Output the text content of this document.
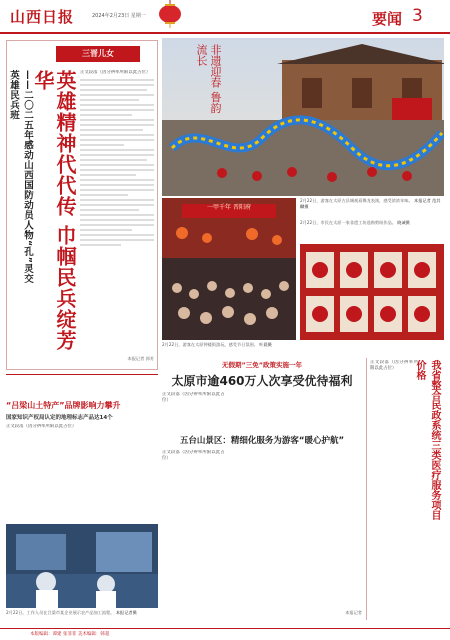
山西日报	2024年2月23日 星期一	要闻 3
三晋儿女
——二〇二五年感动山西国防动员人物“孔”灵交英雄民兵班	英雄精神代代传 巾帼民兵绽芳华	正文段落（因分辨率所限以此占位）
本报记者 郭芳
非遗迎春 鲁韵流长
2月22日，游客在太原古县城观看舞龙表演，感受浓浓年味。 本报记者 范其麟摄
一甲千年 晋阳府
2月22日，市民在太原一家非遗工坊选购剪纸作品。 晓诚摄
2月22日，游客在太原钟楼街游玩，感受节日氛围。 叶晨摄
无假期”三免”政策实施一年
太原市逾460万人次享受优待福利
正文段落（因分辨率所限以此占位）	我省整合民政系统三类医疗服务项目价格
正文段落（因分辨率所限以此占位）
“吕梁山土特产”品牌影响力攀升
国家知识产权局认定的地理标志产品达14个
正文段落（因分辨率所限以此占位）
五台山景区：精细化服务为游客“暖心护航”
正文段落（因分辨率所限以此占位）
本报记者
2月22日，工作人员在吕梁市某企业展示农产品加工流程。 本报记者摄
本版编辑：谭建 张菲菲 美术编辑：韩超
